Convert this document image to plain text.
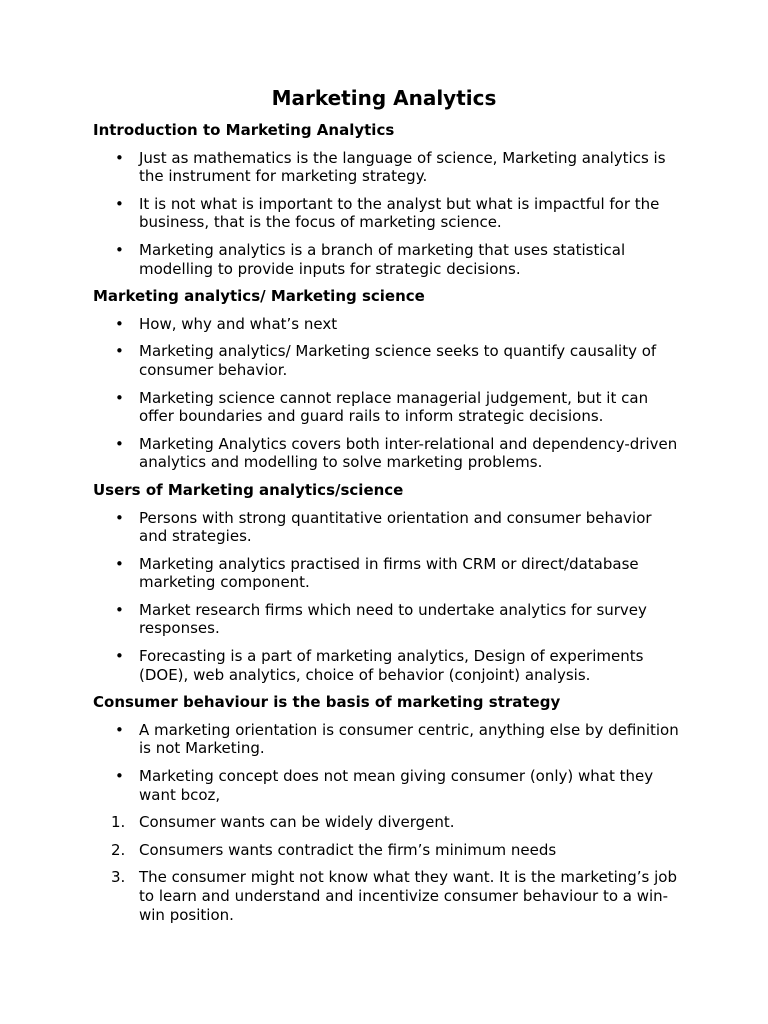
Marketing Analytics
Introduction to Marketing Analytics
• Just as mathematics is the language of science, Marketing analytics is the instrument for marketing strategy.
• It is not what is important to the analyst but what is impactful for the business, that is the focus of marketing science.
• Marketing analytics is a branch of marketing that uses statistical modelling to provide inputs for strategic decisions.
Marketing analytics/ Marketing science
• How, why and what’s next
• Marketing analytics/ Marketing science seeks to quantify causality of consumer behavior.
• Marketing science cannot replace managerial judgement, but it can offer boundaries and guard rails to inform strategic decisions.
• Marketing Analytics covers both inter-relational and dependency-driven analytics and modelling to solve marketing problems.
Users of Marketing analytics/science
• Persons with strong quantitative orientation and consumer behavior and strategies.
• Marketing analytics practised in firms with CRM or direct/database marketing component.
• Market research firms which need to undertake analytics for survey responses.
• Forecasting is a part of marketing analytics, Design of experiments (DOE), web analytics, choice of behavior (conjoint) analysis.
Consumer behaviour is the basis of marketing strategy
• A marketing orientation is consumer centric, anything else by definition is not Marketing.
• Marketing concept does not mean giving consumer (only) what they want bcoz,
1. Consumer wants can be widely divergent.
2. Consumers wants contradict the firm’s minimum needs
3. The consumer might not know what they want. It is the marketing’s job to learn and understand and incentivize consumer behaviour to a win-win position.
